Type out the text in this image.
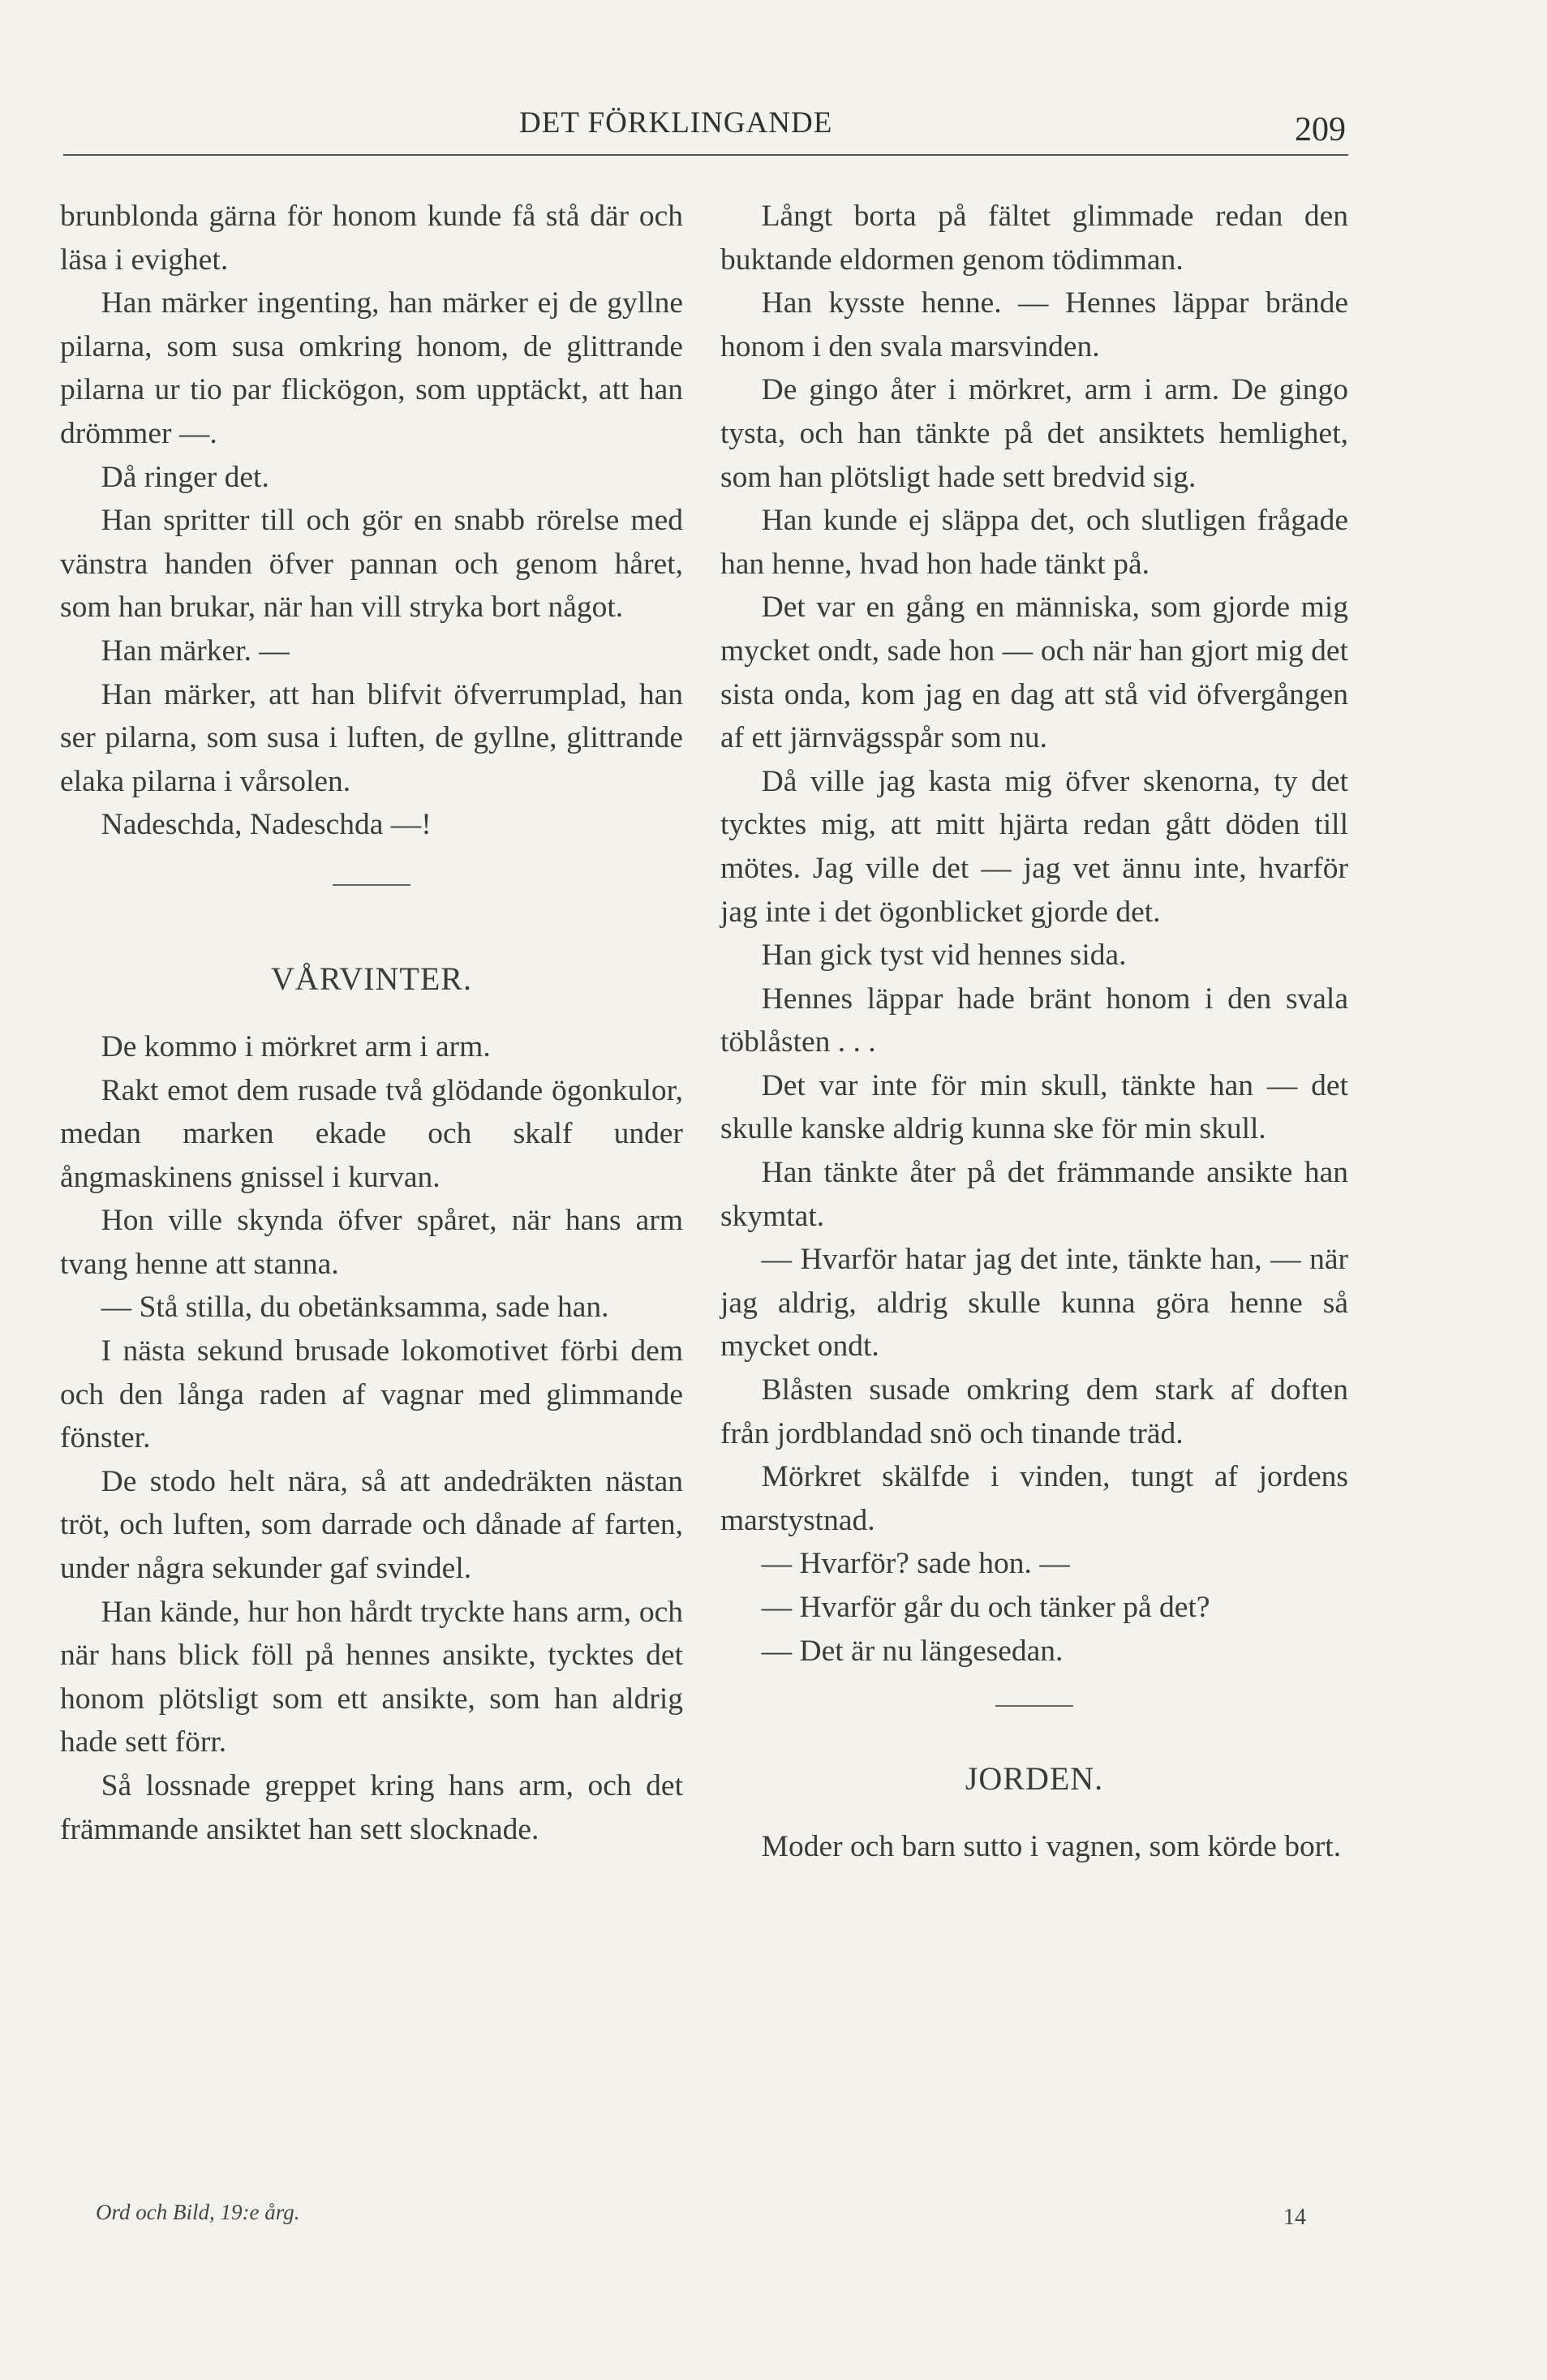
DET FÖRKLINGANDE	209

brunblonda gärna för honom kunde få stå där och läsa i evighet.

Han märker ingenting, han märker ej de gyllne pilarna, som susa omkring honom, de glittrande pilarna ur tio par flickögon, som upptäckt, att han drömmer —.

Då ringer det.

Han spritter till och gör en snabb rörelse med vänstra handen öfver pannan och genom håret, som han brukar, när han vill stryka bort något.

Han märker. —

Han märker, att han blifvit öfverrumplad, han ser pilarna, som susa i luften, de gyllne, glittrande elaka pilarna i vårsolen.

Nadeschda, Nadeschda —!

VÅRVINTER.

De kommo i mörkret arm i arm.

Rakt emot dem rusade två glödande ögonkulor, medan marken ekade och skalf under ångmaskinens gnissel i kurvan.

Hon ville skynda öfver spåret, när hans arm tvang henne att stanna.

— Stå stilla, du obetänksamma, sade han.

I nästa sekund brusade lokomotivet förbi dem och den långa raden af vagnar med glimmande fönster.

De stodo helt nära, så att andedräkten nästan tröt, och luften, som darrade och dånade af farten, under några sekunder gaf svindel.

Han kände, hur hon hårdt tryckte hans arm, och när hans blick föll på hennes ansikte, tycktes det honom plötsligt som ett ansikte, som han aldrig hade sett förr.

Så lossnade greppet kring hans arm, och det främmande ansiktet han sett slocknade.

Långt borta på fältet glimmade redan den buktande eldormen genom tödimman.

Han kysste henne. — Hennes läppar brände honom i den svala marsvinden.

De gingo åter i mörkret, arm i arm. De gingo tysta, och han tänkte på det ansiktets hemlighet, som han plötsligt hade sett bredvid sig.

Han kunde ej släppa det, och slutligen frågade han henne, hvad hon hade tänkt på.

Det var en gång en människa, som gjorde mig mycket ondt, sade hon — och när han gjort mig det sista onda, kom jag en dag att stå vid öfvergången af ett järnvägsspår som nu.

Då ville jag kasta mig öfver skenorna, ty det tycktes mig, att mitt hjärta redan gått döden till mötes. Jag ville det — jag vet ännu inte, hvarför jag inte i det ögonblicket gjorde det.

Han gick tyst vid hennes sida.

Hennes läppar hade bränt honom i den svala töblåsten . . .

Det var inte för min skull, tänkte han — det skulle kanske aldrig kunna ske för min skull.

Han tänkte åter på det främmande ansikte han skymtat.

— Hvarför hatar jag det inte, tänkte han, — när jag aldrig, aldrig skulle kunna göra henne så mycket ondt.

Blåsten susade omkring dem stark af doften från jordblandad snö och tinande träd.

Mörkret skälfde i vinden, tungt af jordens marstystnad.

— Hvarför? sade hon. —

— Hvarför går du och tänker på det?

— Det är nu längesedan.

JORDEN.

Moder och barn sutto i vagnen, som körde bort.

Ord och Bild, 19:e årg.	14
